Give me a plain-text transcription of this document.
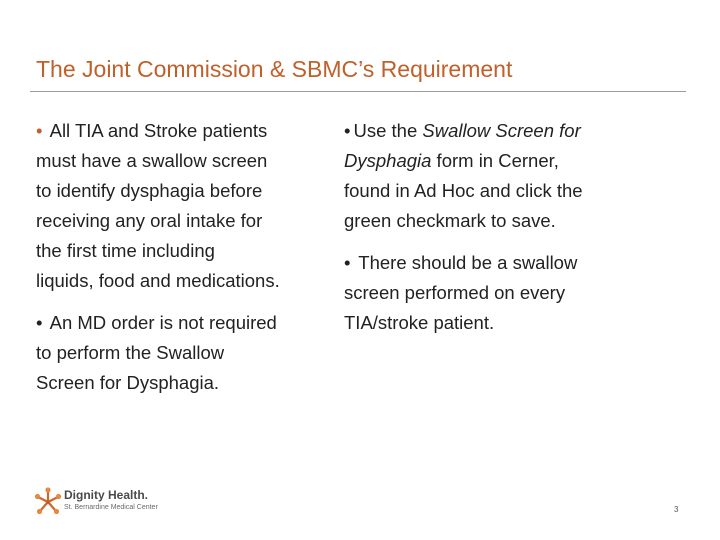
The Joint Commission & SBMC’s Requirement
• All TIA and Stroke patients
must have a swallow screen
to identify dysphagia before
receiving any oral intake for
the first time including
liquids, food and medications.
• An MD order is not required
to perform the Swallow
Screen for Dysphagia.
• Use the Swallow Screen for
Dysphagia form in Cerner,
found in Ad Hoc and click the
green checkmark to save.
• There should be a swallow
screen performed on every
TIA/stroke patient.
Dignity Health.
St. Bernardine Medical Center	3
